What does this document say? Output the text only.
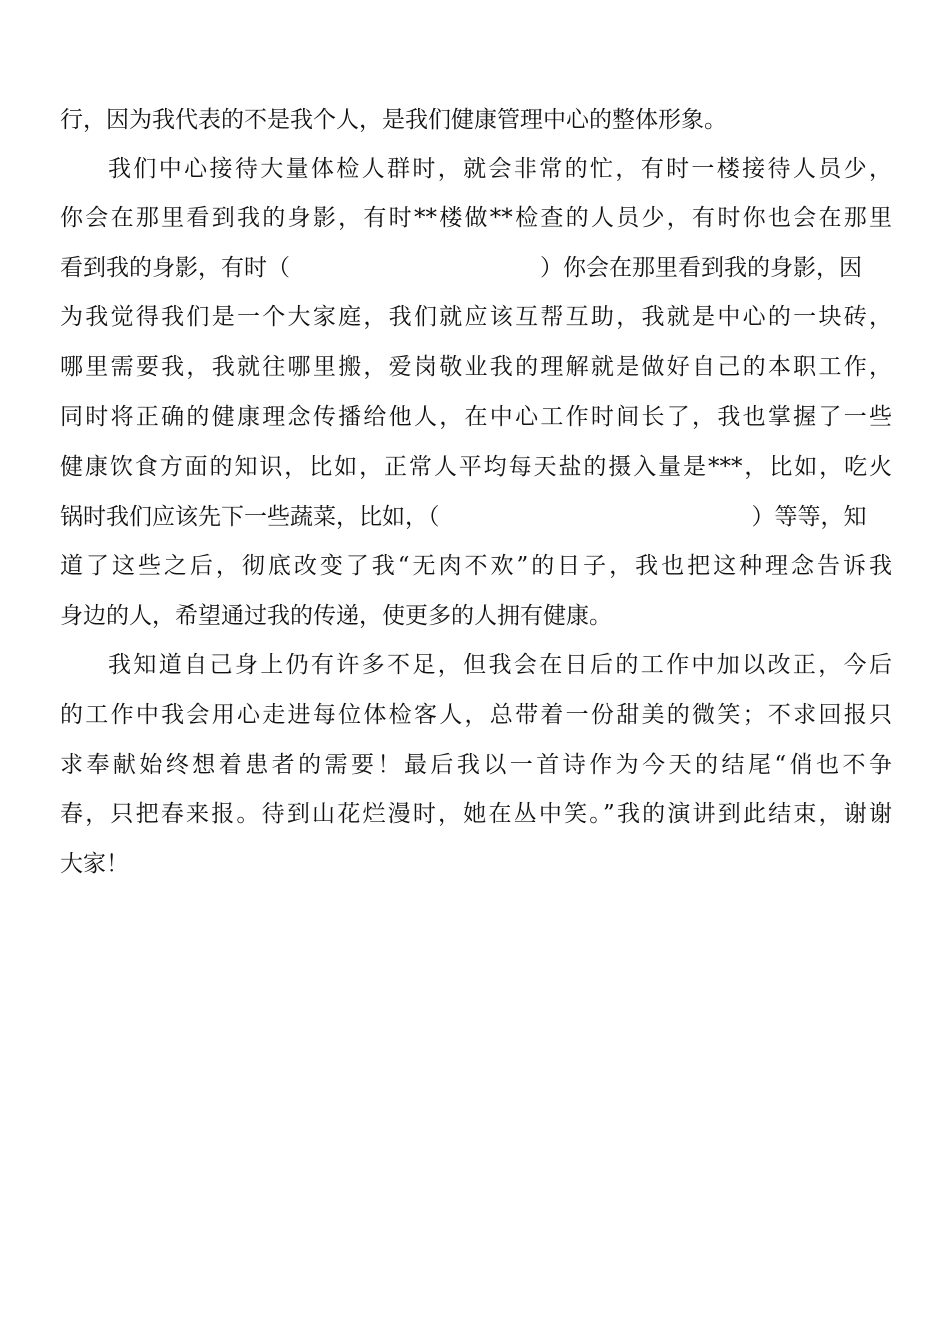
行，因为我代表的不是我个人，是我们健康管理中心的整体形象。
我们中心接待大量体检人群时，就会非常的忙，有时一楼接待人员少，
你会在那里看到我的身影，有时**楼做**检查的人员少，有时你也会在那里
看到我的身影，有时（	）你会在那里看到我的身影，因
为我觉得我们是一个大家庭，我们就应该互帮互助，我就是中心的一块砖，
哪里需要我，我就往哪里搬，爱岗敬业我的理解就是做好自己的本职工作，
同时将正确的健康理念传播给他人，在中心工作时间长了，我也掌握了一些
健康饮食方面的知识，比如，正常人平均每天盐的摄入量是***，比如，吃火
锅时我们应该先下一些蔬菜，比如，（	）等等，知
道了这些之后，彻底改变了我“无肉不欢”的日子，我也把这种理念告诉我
身边的人，希望通过我的传递，使更多的人拥有健康。
我知道自己身上仍有许多不足，但我会在日后的工作中加以改正，今后
的工作中我会用心走进每位体检客人，总带着一份甜美的微笑；不求回报只
求奉献始终想着患者的需要！最后我以一首诗作为今天的结尾“俏也不争
春，只把春来报。待到山花烂漫时，她在丛中笑。”我的演讲到此结束，谢谢
大家！
